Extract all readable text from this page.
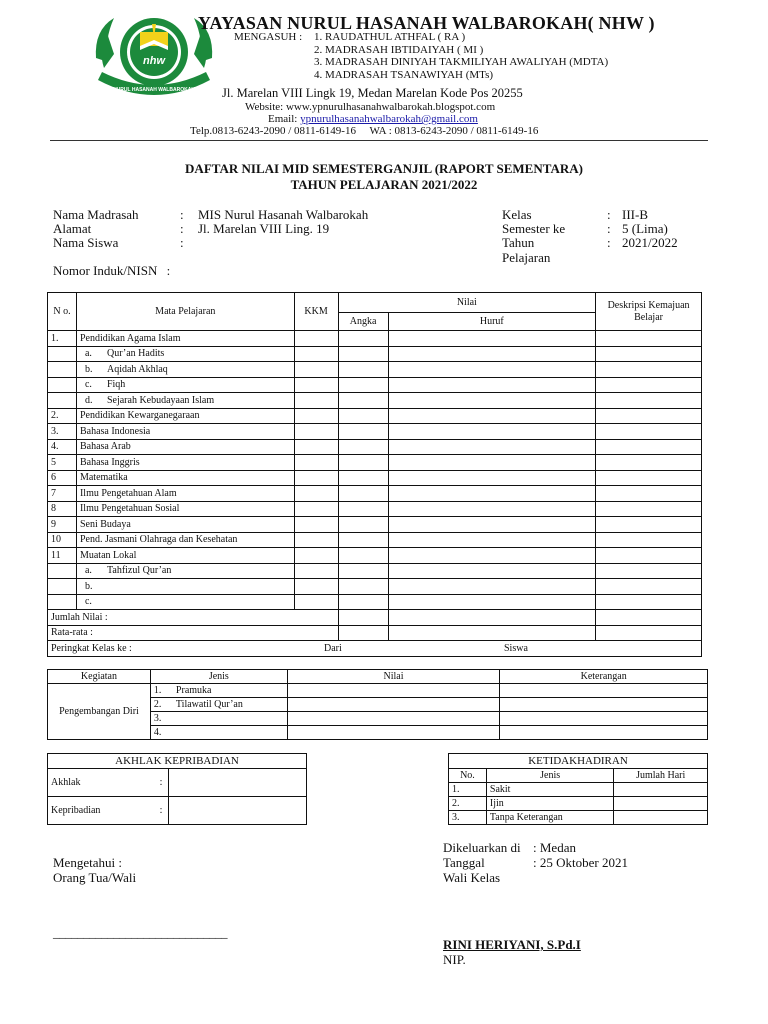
nhw
NURUL HASANAH WALBAROKAH
YAYASAN NURUL HASANAH WALBAROKAH( NHW )
MENGASUH : 1. RAUDATHUL ATHFAL ( RA )
2. MADRASAH IBTIDAIYAH ( MI )
3. MADRASAH DINIYAH TAKMILIYAH AWALIYAH (MDTA)
4. MADRASAH TSANAWIYAH (MTs)
Jl. Marelan VIII Lingk 19, Medan Marelan Kode Pos 20255
Website: www.ypnurulhasanahwalbarokah.blogspot.com
Email: ypnurulhasanahwalbarokah@gmail.com
Telp.0813-6243-2090 / 0811-6149-16     WA : 0813-6243-2090 / 0811-6149-16
DAFTAR NILAI MID SEMESTERGANJIL (RAPORT SEMENTARA)
TAHUN PELAJARAN 2021/2022
Nama Madrasah	: MIS Nurul Hasanah Walbarokah
Alamat	: Jl. Marelan VIII Ling. 19
Nama Siswa	:
Nomor Induk/NISN :
Kelas	: III-B
Semester ke	: 5 (Lima)
Tahun Pelajaran
: 2021/2022
N o.	Mata Pelajaran	KKM	Nilai		Deskripsi Kemajuan Belajar
			Angka	Huruf	
1.	Pendidikan Agama Islam				
	a. Qur’an Hadits				
	b. Aqidah Akhlaq				
	c. Fiqh				
	d. Sejarah Kebudayaan Islam				
2.	Pendidikan Kewarganegaraan				
3.	Bahasa Indonesia				
4.	Bahasa Arab				
5	Bahasa Inggris				
6	Matematika				
7	Ilmu Pengetahuan Alam				
8	Ilmu Pengetahuan Sosial				
9	Seni Budaya				
10	Pend. Jasmani Olahraga dan Kesehatan				
11	Muatan Lokal				
	a. Tahfizul Qur’an				
	b.				
	c.				
Jumlah Nilai :					
Rata-rata :					
Peringkat Kelas ke : Dari Siswa					
Kegiatan	Jenis	Nilai	Keterangan
Pengembangan Diri	1. Pramuka		
	2. Tilawatil Qur’an		
	3.		
	4.		
AKHLAK KEPRIBADIAN		
Akhlak	:	
Kepribadian	:	
KETIDAKHADIRAN		
No.	Jenis	Jumlah Hari
1.	Sakit	
2.	Ijin	
3.	Tanpa Keterangan	
Dikeluarkan di : Medan
Tanggal	: 25 Oktober 2021
Wali Kelas
Mengetahui :
Orang Tua/Wali
_____________________________
RINI HERIYANI, S.Pd.I
NIP.
